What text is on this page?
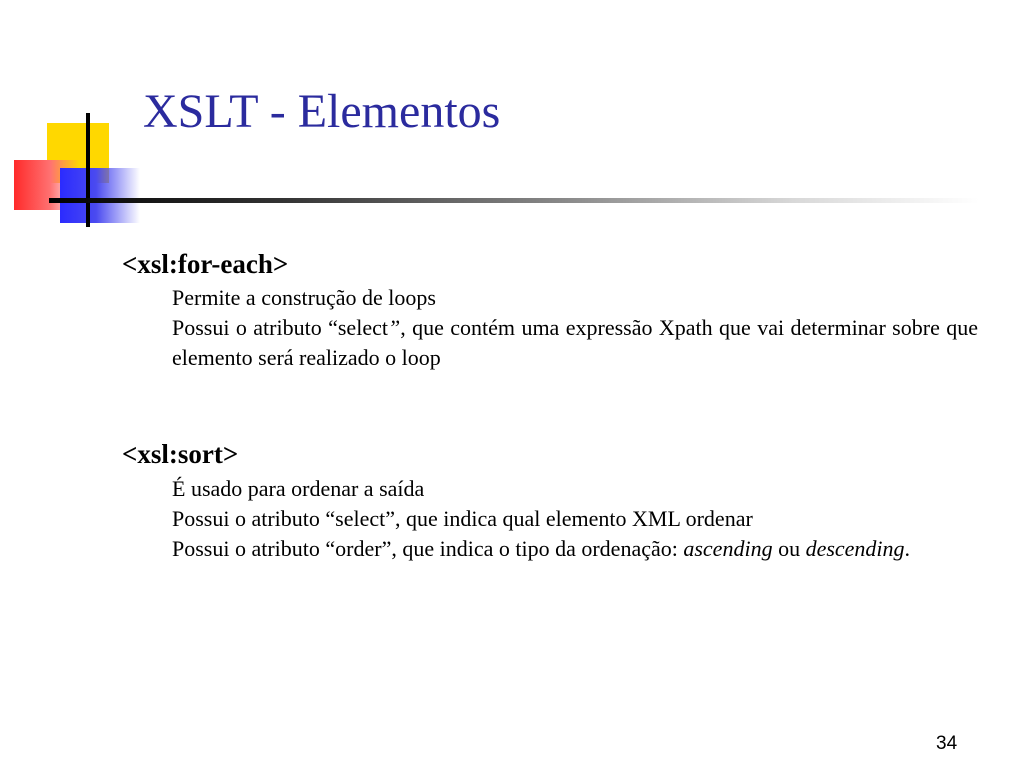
XSLT - Elementos
<xsl:for-each>
Permite a construção de loops
Possui o atributo “select”, que contém uma expressão Xpath que vai determinar sobre que elemento será realizado o loop
<xsl:sort>
É usado para ordenar a saída
Possui o atributo “select”, que indica qual elemento XML ordenar
Possui o atributo “order”, que indica o tipo da ordenação: ascending ou descending.
34
